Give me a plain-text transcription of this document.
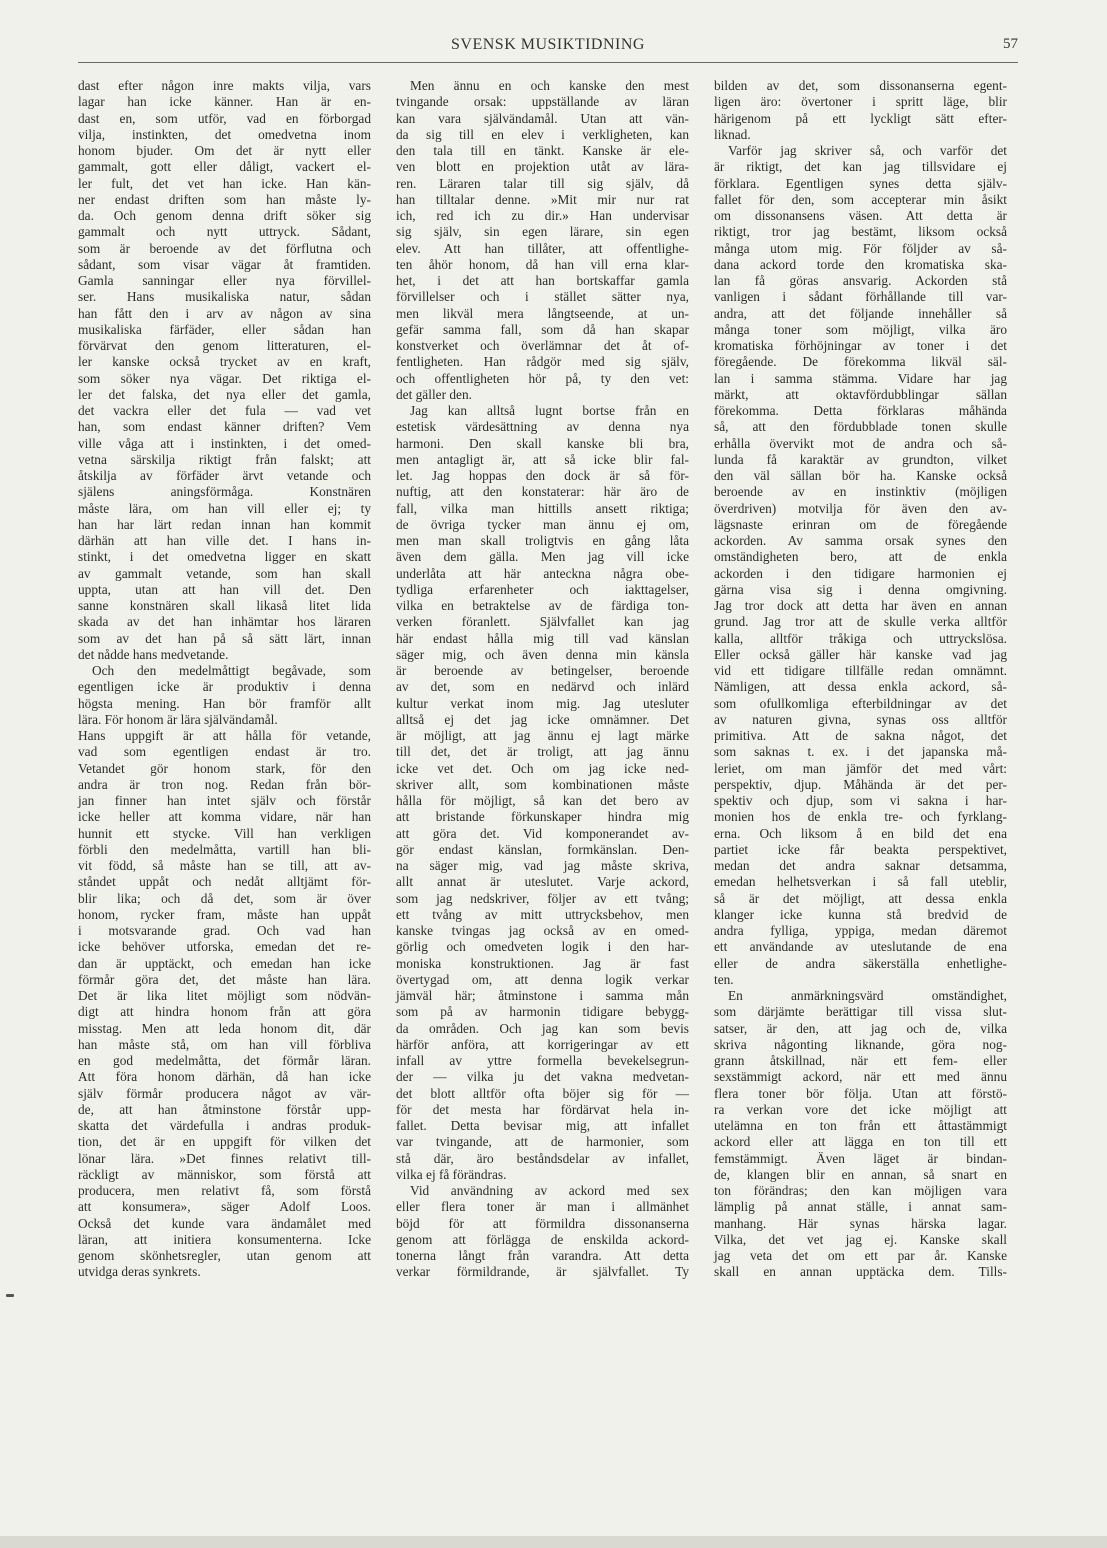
SVENSK MUSIKTIDNING	57

dast efter någon inre makts vilja, vars

lagar han icke känner. Han är en-

dast en, som utför, vad en förborgad

vilja, instinkten, det omedvetna inom

honom bjuder. Om det är nytt eller

gammalt, gott eller dåligt, vackert el-

ler fult, det vet han icke. Han kän-

ner endast driften som han måste ly-

da. Och genom denna drift söker sig

gammalt och nytt uttryck. Sådant,

som är beroende av det förflutna och

sådant, som visar vägar åt framtiden.

Gamla sanningar eller nya förvillel-

ser. Hans musikaliska natur, sådan

han fått den i arv av någon av sina

musikaliska färfäder, eller sådan han

förvärvat den genom litteraturen, el-

ler kanske också trycket av en kraft,

som söker nya vägar. Det riktiga el-

ler det falska, det nya eller det gamla,

det vackra eller det fula — vad vet

han, som endast känner driften? Vem

ville våga att i instinkten, i det omed-

vetna särskilja riktigt från falskt; att

åtskilja av förfäder ärvt vetande och

själens aningsförmåga. Konstnären

måste lära, om han vill eller ej; ty

han har lärt redan innan han kommit

därhän att han ville det. I hans in-

stinkt, i det omedvetna ligger en skatt

av gammalt vetande, som han skall

uppta, utan att han vill det. Den

sanne konstnären skall likaså litet lida

skada av det han inhämtar hos läraren

som av det han på så sätt lärt, innan

det nådde hans medvetande.

Och den medelmåttigt begåvade, som

egentligen icke är produktiv i denna

högsta mening. Han bör framför allt

lära. För honom är lära självändamål.

Hans uppgift är att hålla för vetande,

vad som egentligen endast är tro.

Vetandet gör honom stark, för den

andra är tron nog. Redan från bör-

jan finner han intet själv och förstår

icke heller att komma vidare, när han

hunnit ett stycke. Vill han verkligen

förbli den medelmåtta, vartill han bli-

vit född, så måste han se till, att av-

ståndet uppåt och nedåt alltjämt för-

blir lika; och då det, som är över

honom, rycker fram, måste han uppåt

i motsvarande grad. Och vad han

icke behöver utforska, emedan det re-

dan är upptäckt, och emedan han icke

förmår göra det, det måste han lära.

Det är lika litet möjligt som nödvän-

digt att hindra honom från att göra

misstag. Men att leda honom dit, där

han måste stå, om han vill förbliva

en god medelmåtta, det förmår läran.

Att föra honom därhän, då han icke

själv förmår producera något av vär-

de, att han åtminstone förstår upp-

skatta det värdefulla i andras produk-

tion, det är en uppgift för vilken det

lönar lära. »Det finnes relativt till-

räckligt av människor, som förstå att

producera, men relativt få, som förstå

att konsumera», säger Adolf Loos.

Också det kunde vara ändamålet med

läran, att initiera konsumenterna. Icke

genom skönhetsregler, utan genom att

utvidga deras synkrets.

Men ännu en och kanske den mest

tvingande orsak: uppställande av läran

kan vara självändamål. Utan att vän-

da sig till en elev i verkligheten, kan

den tala till en tänkt. Kanske är ele-

ven blott en projektion utåt av lära-

ren. Läraren talar till sig själv, då

han tilltalar denne. »Mit mir nur rat

ich, red ich zu dir.» Han undervisar

sig själv, sin egen lärare, sin egen

elev. Att han tillåter, att offentlighe-

ten åhör honom, då han vill erna klar-

het, i det att han bortskaffar gamla

förvillelser och i stället sätter nya,

men likväl mera långtseende, at un-

gefär samma fall, som då han skapar

konstverket och överlämnar det åt of-

fentligheten. Han rådgör med sig själv,

och offentligheten hör på, ty den vet:

det gäller den.

Jag kan alltså lugnt bortse från en

estetisk värdesättning av denna nya

harmoni. Den skall kanske bli bra,

men antagligt är, att så icke blir fal-

let. Jag hoppas den dock är så för-

nuftig, att den konstaterar: här äro de

fall, vilka man hittills ansett riktiga;

de övriga tycker man ännu ej om,

men man skall troligtvis en gång låta

även dem gälla. Men jag vill icke

underlåta att här anteckna några obe-

tydliga erfarenheter och iakttagelser,

vilka en betraktelse av de färdiga ton-

verken föranlett. Självfallet kan jag

här endast hålla mig till vad känslan

säger mig, och även denna min känsla

är beroende av betingelser, beroende

av det, som en nedärvd och inlärd

kultur verkat inom mig. Jag utesluter

alltså ej det jag icke omnämner. Det

är möjligt, att jag ännu ej lagt märke

till det, det är troligt, att jag ännu

icke vet det. Och om jag icke ned-

skriver allt, som kombinationen måste

hålla för möjligt, så kan det bero av

att bristande förkunskaper hindra mig

att göra det. Vid komponerandet av-

gör endast känslan, formkänslan. Den-

na säger mig, vad jag måste skriva,

allt annat är uteslutet. Varje ackord,

som jag nedskriver, följer av ett tvång;

ett tvång av mitt uttrycksbehov, men

kanske tvingas jag också av en omed-

görlig och omedveten logik i den har-

moniska konstruktionen. Jag är fast

övertygad om, att denna logik verkar

jämväl här; åtminstone i samma mån

som på av harmonin tidigare bebygg-

da områden. Och jag kan som bevis

härför anföra, att korrigeringar av ett

infall av yttre formella bevekelsegrun-

der — vilka ju det vakna medvetan-

det blott alltför ofta böjer sig för —

för det mesta har fördärvat hela in-

fallet. Detta bevisar mig, att infallet

var tvingande, att de harmonier, som

stå där, äro beståndsdelar av infallet,

vilka ej få förändras.

Vid användning av ackord med sex

eller flera toner är man i allmänhet

böjd för att förmildra dissonanserna

genom att förlägga de enskilda ackord-

tonerna långt från varandra. Att detta

verkar förmildrande, är självfallet. Ty

bilden av det, som dissonanserna egent-

ligen äro: övertoner i spritt läge, blir

härigenom på ett lyckligt sätt efter-

liknad.

Varför jag skriver så, och varför det

är riktigt, det kan jag tillsvidare ej

förklara. Egentligen synes detta själv-

fallet för den, som accepterar min åsikt

om dissonansens väsen. Att detta är

riktigt, tror jag bestämt, liksom också

många utom mig. För följder av så-

dana ackord torde den kromatiska ska-

lan få göras ansvarig. Ackorden stå

vanligen i sådant förhållande till var-

andra, att det följande innehåller så

många toner som möjligt, vilka äro

kromatiska förhöjningar av toner i det

föregående. De förekomma likväl säl-

lan i samma stämma. Vidare har jag

märkt, att oktavfördubblingar sällan

förekomma. Detta förklaras måhända

så, att den fördubblade tonen skulle

erhålla övervikt mot de andra och så-

lunda få karaktär av grundton, vilket

den väl sällan bör ha. Kanske också

beroende av en instinktiv (möjligen

överdriven) motvilja för även den av-

lägsnaste erinran om de föregående

ackorden. Av samma orsak synes den

omständigheten bero, att de enkla

ackorden i den tidigare harmonien ej

gärna visa sig i denna omgivning.

Jag tror dock att detta har även en annan

grund. Jag tror att de skulle verka alltför

kalla, alltför tråkiga och uttryckslösa.

Eller också gäller här kanske vad jag

vid ett tidigare tillfälle redan omnämnt.

Nämligen, att dessa enkla ackord, så-

som ofullkomliga efterbildningar av det

av naturen givna, synas oss alltför

primitiva. Att de sakna något, det

som saknas t. ex. i det japanska må-

leriet, om man jämför det med vårt:

perspektiv, djup. Måhända är det per-

spektiv och djup, som vi sakna i har-

monien hos de enkla tre- och fyrklang-

erna. Och liksom å en bild det ena

partiet icke får beakta perspektivet,

medan det andra saknar detsamma,

emedan helhetsverkan i så fall uteblir,

så är det möjligt, att dessa enkla

klanger icke kunna stå bredvid de

andra fylliga, yppiga, medan däremot

ett användande av uteslutande de ena

eller de andra säkerställa enhetlighe-

ten.

En anmärkningsvärd omständighet,

som därjämte berättigar till vissa slut-

satser, är den, att jag och de, vilka

skriva någonting liknande, göra nog-

grann åtskillnad, när ett fem- eller

sexstämmigt ackord, när ett med ännu

flera toner bör följa. Utan att förstö-

ra verkan vore det icke möjligt att

utelämna en ton från ett åttastämmigt

ackord eller att lägga en ton till ett

femstämmigt. Även läget är bindan-

de, klangen blir en annan, så snart en

ton förändras; den kan möjligen vara

lämplig på annat ställe, i annat sam-

manhang. Här synas härska lagar.

Vilka, det vet jag ej. Kanske skall

jag veta det om ett par år. Kanske

skall en annan upptäcka dem. Tills-
